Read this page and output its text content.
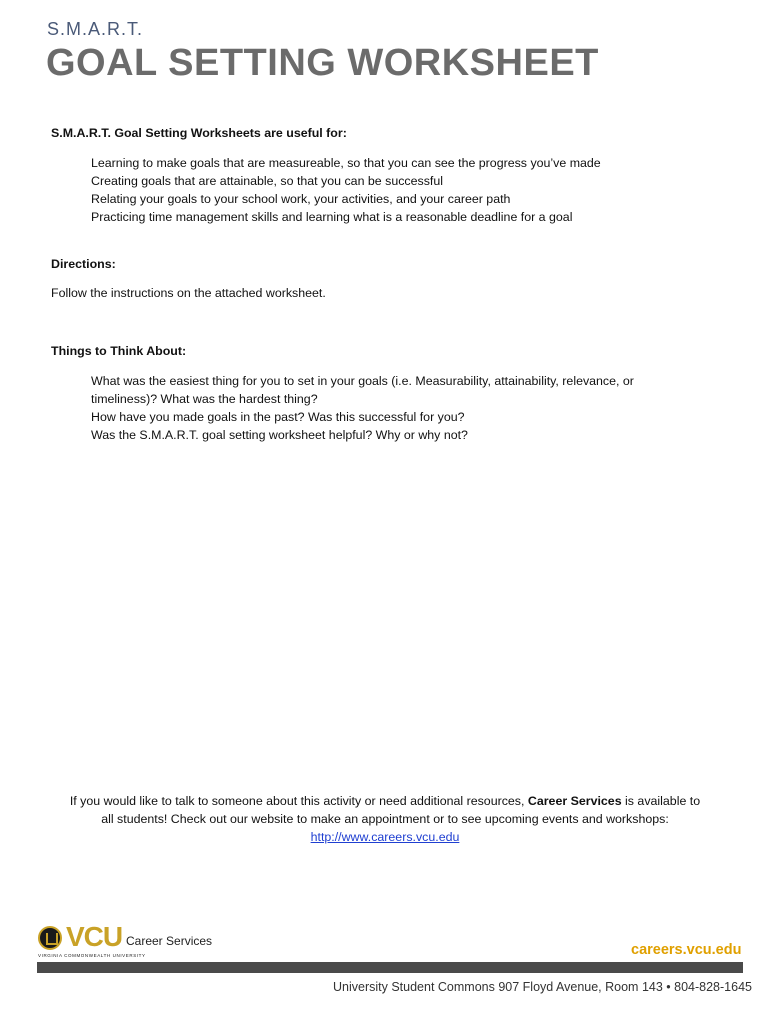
S.M.A.R.T.
GOAL SETTING WORKSHEET
S.M.A.R.T. Goal Setting Worksheets are useful for:
Learning to make goals that are measureable, so that you can see the progress you’ve made
Creating goals that are attainable, so that you can be successful
Relating your goals to your school work, your activities, and your career path
Practicing time management skills and learning what is a reasonable deadline for a goal
Directions:
Follow the instructions on the attached worksheet.
Things to Think About:
What was the easiest thing for you to set in your goals (i.e. Measurability, attainability, relevance, or
timeliness)? What was the hardest thing?
How have you made goals in the past? Was this successful for you?
Was the S.M.A.R.T. goal setting worksheet helpful? Why or why not?
If you would like to talk to someone about this activity or need additional resources, Career Services is available to
all students! Check out our website to make an appointment or to see upcoming events and workshops:
http://www.careers.vcu.edu
VCU Career Services
VIRGINIA COMMONWEALTH UNIVERSITY	careers.vcu.edu
University Student Commons 907 Floyd Avenue, Room 143 • 804-828-1645
